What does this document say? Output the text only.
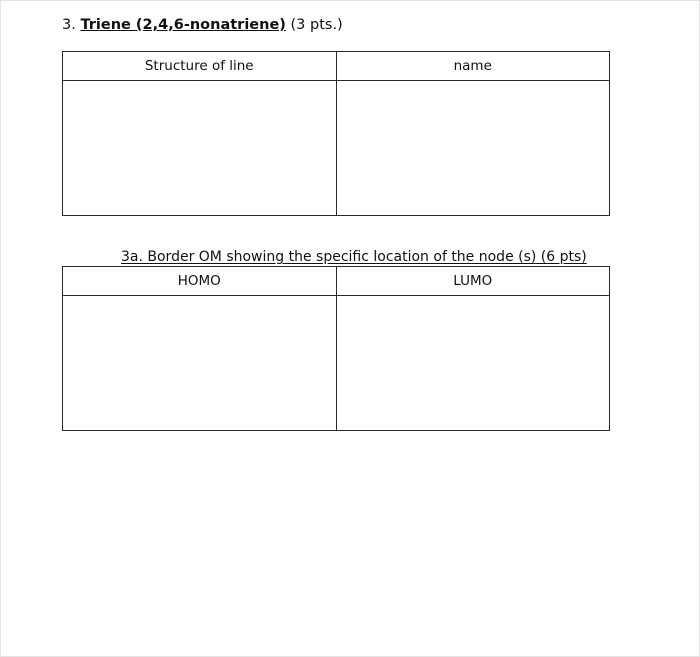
3. Triene (2,4,6-nonatriene) (3 pts.)
Structure of line	name

3a. Border OM showing the specific location of the node (s) (6 pts)
HOMO	LUMO
